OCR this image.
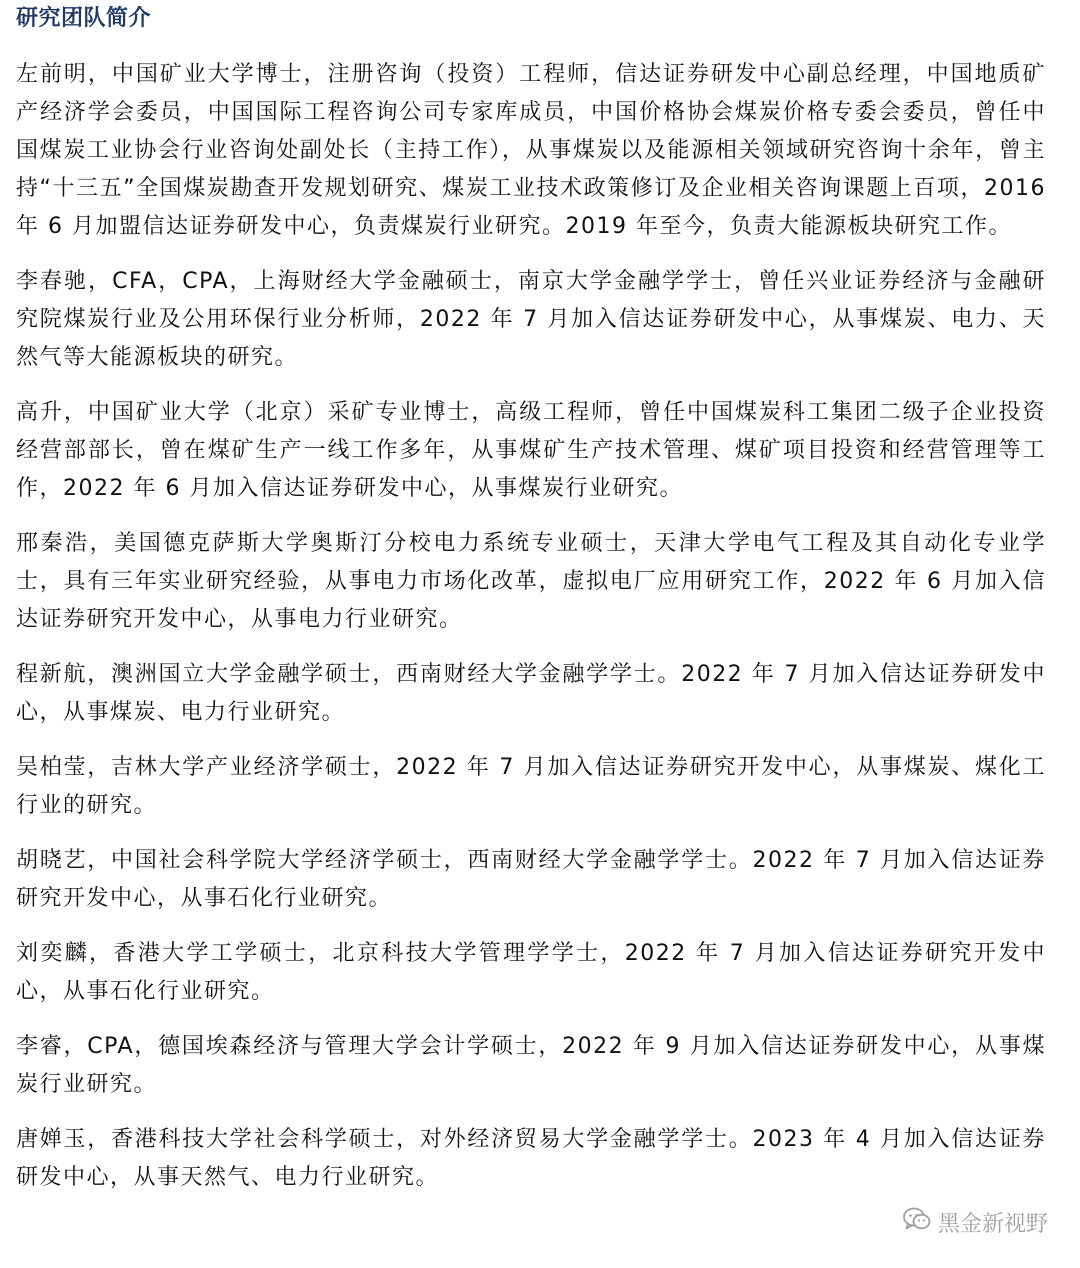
研究团队简介

左前明，中国矿业大学博士，注册咨询（投资）工程师，信达证券研发中心副总经理，中国地质矿产经济学会委员，中国国际工程咨询公司专家库成员，中国价格协会煤炭价格专委会委员，曾任中国煤炭工业协会行业咨询处副处长（主持工作），从事煤炭以及能源相关领域研究咨询十余年，曾主持“十三五”全国煤炭勘查开发规划研究、煤炭工业技术政策修订及企业相关咨询课题上百项，2016 年 6 月加盟信达证券研发中心，负责煤炭行业研究。2019 年至今，负责大能源板块研究工作。

李春驰，CFA，CPA，上海财经大学金融硕士，南京大学金融学学士，曾任兴业证券经济与金融研究院煤炭行业及公用环保行业分析师，2022 年 7 月加入信达证券研发中心，从事煤炭、电力、天然气等大能源板块的研究。

高升，中国矿业大学（北京）采矿专业博士，高级工程师，曾任中国煤炭科工集团二级子企业投资经营部部长，曾在煤矿生产一线工作多年，从事煤矿生产技术管理、煤矿项目投资和经营管理等工作，2022 年 6 月加入信达证券研发中心，从事煤炭行业研究。

邢秦浩，美国德克萨斯大学奥斯汀分校电力系统专业硕士，天津大学电气工程及其自动化专业学士，具有三年实业研究经验，从事电力市场化改革，虚拟电厂应用研究工作，2022 年 6 月加入信达证券研究开发中心，从事电力行业研究。

程新航，澳洲国立大学金融学硕士，西南财经大学金融学学士。2022 年 7 月加入信达证券研发中心，从事煤炭、电力行业研究。

吴柏莹，吉林大学产业经济学硕士，2022 年 7 月加入信达证券研究开发中心，从事煤炭、煤化工行业的研究。

胡晓艺，中国社会科学院大学经济学硕士，西南财经大学金融学学士。2022 年 7 月加入信达证券研究开发中心，从事石化行业研究。

刘奕麟，香港大学工学硕士，北京科技大学管理学学士，2022 年 7 月加入信达证券研究开发中心，从事石化行业研究。

李睿，CPA，德国埃森经济与管理大学会计学硕士，2022 年 9 月加入信达证券研发中心，从事煤炭行业研究。

唐婵玉，香港科技大学社会科学硕士，对外经济贸易大学金融学学士。2023 年 4 月加入信达证券研发中心，从事天然气、电力行业研究。

黑金新视野
